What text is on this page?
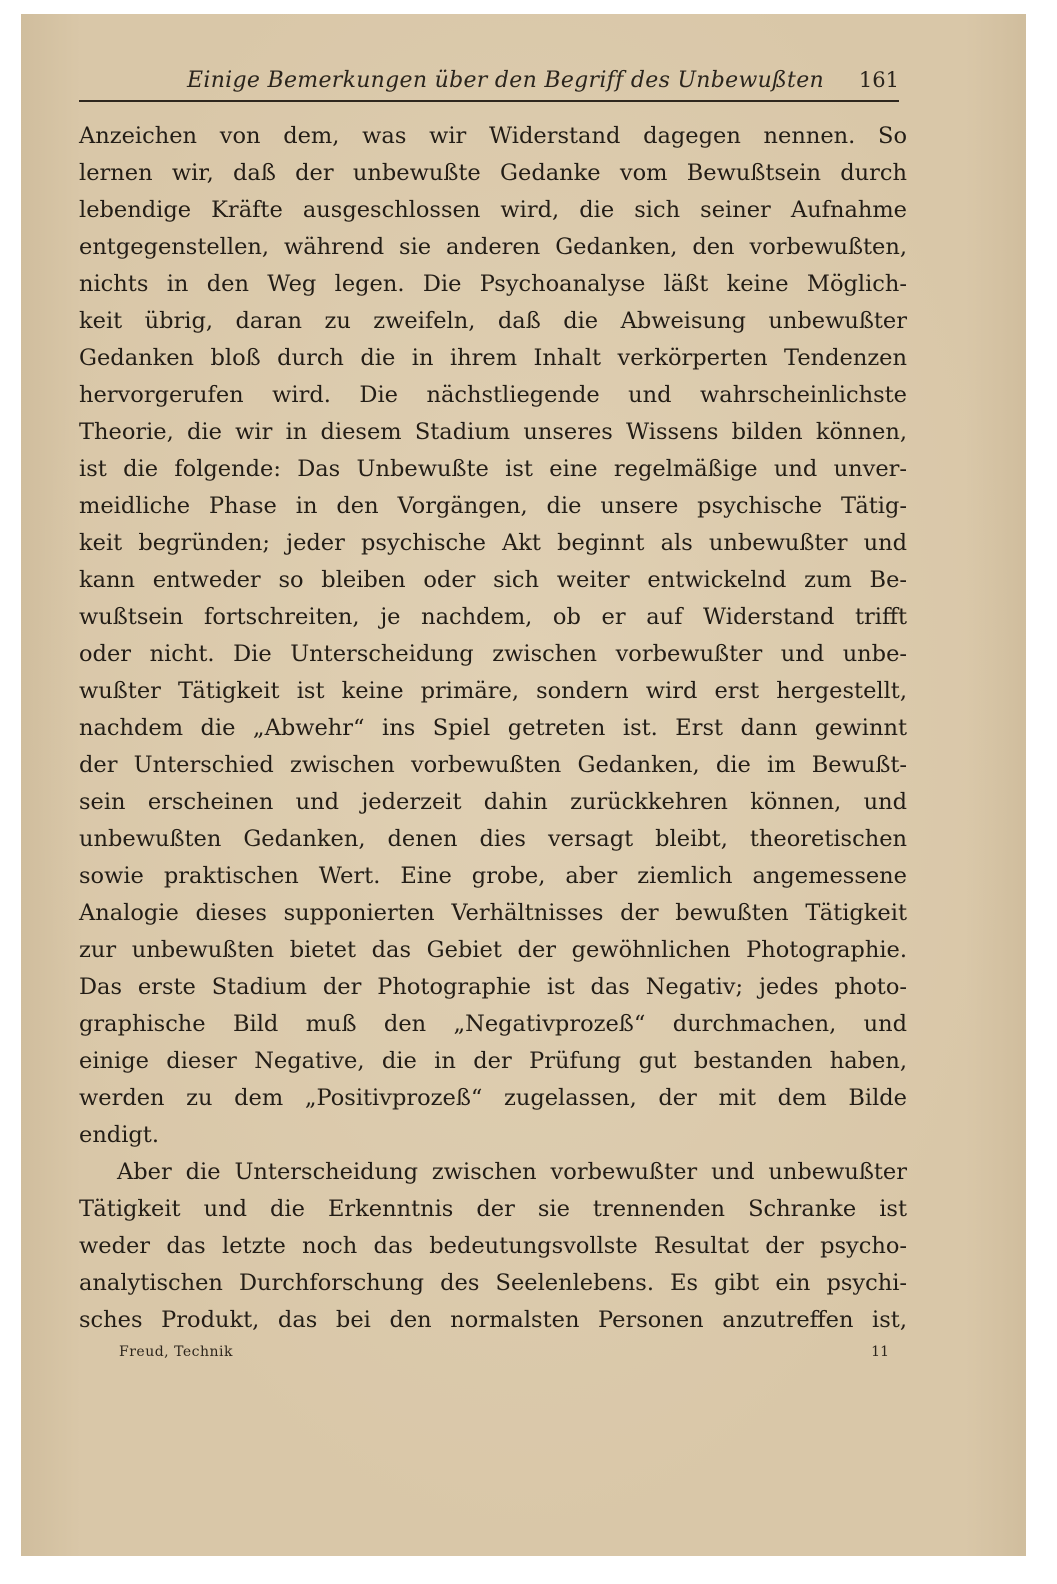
Einige Bemerkungen über den Begriff des Unbewußten 161
Anzeichen von dem, was wir Widerstand dagegen nennen. So
lernen wir, daß der unbewußte Gedanke vom Bewußtsein durch
lebendige Kräfte ausgeschlossen wird, die sich seiner Aufnahme
entgegenstellen, während sie anderen Gedanken, den vorbewußten,
nichts in den Weg legen. Die Psychoanalyse läßt keine Möglich-
keit übrig, daran zu zweifeln, daß die Abweisung unbewußter
Gedanken bloß durch die in ihrem Inhalt verkörperten Tendenzen
hervorgerufen wird. Die nächstliegende und wahrscheinlichste
Theorie, die wir in diesem Stadium unseres Wissens bilden können,
ist die folgende: Das Unbewußte ist eine regelmäßige und unver-
meidliche Phase in den Vorgängen, die unsere psychische Tätig-
keit begründen; jeder psychische Akt beginnt als unbewußter und
kann entweder so bleiben oder sich weiter entwickelnd zum Be-
wußtsein fortschreiten, je nachdem, ob er auf Widerstand trifft
oder nicht. Die Unterscheidung zwischen vorbewußter und unbe-
wußter Tätigkeit ist keine primäre, sondern wird erst hergestellt,
nachdem die „Abwehr“ ins Spiel getreten ist. Erst dann gewinnt
der Unterschied zwischen vorbewußten Gedanken, die im Bewußt-
sein erscheinen und jederzeit dahin zurückkehren können, und
unbewußten Gedanken, denen dies versagt bleibt, theoretischen
sowie praktischen Wert. Eine grobe, aber ziemlich angemessene
Analogie dieses supponierten Verhältnisses der bewußten Tätigkeit
zur unbewußten bietet das Gebiet der gewöhnlichen Photographie.
Das erste Stadium der Photographie ist das Negativ; jedes photo-
graphische Bild muß den „Negativprozeß“ durchmachen, und
einige dieser Negative, die in der Prüfung gut bestanden haben,
werden zu dem „Positivprozeß“ zugelassen, der mit dem Bilde
endigt.
Aber die Unterscheidung zwischen vorbewußter und unbewußter
Tätigkeit und die Erkenntnis der sie trennenden Schranke ist
weder das letzte noch das bedeutungsvollste Resultat der psycho-
analytischen Durchforschung des Seelenlebens. Es gibt ein psychi-
sches Produkt, das bei den normalsten Personen anzutreffen ist,
Freud, Technik	11
